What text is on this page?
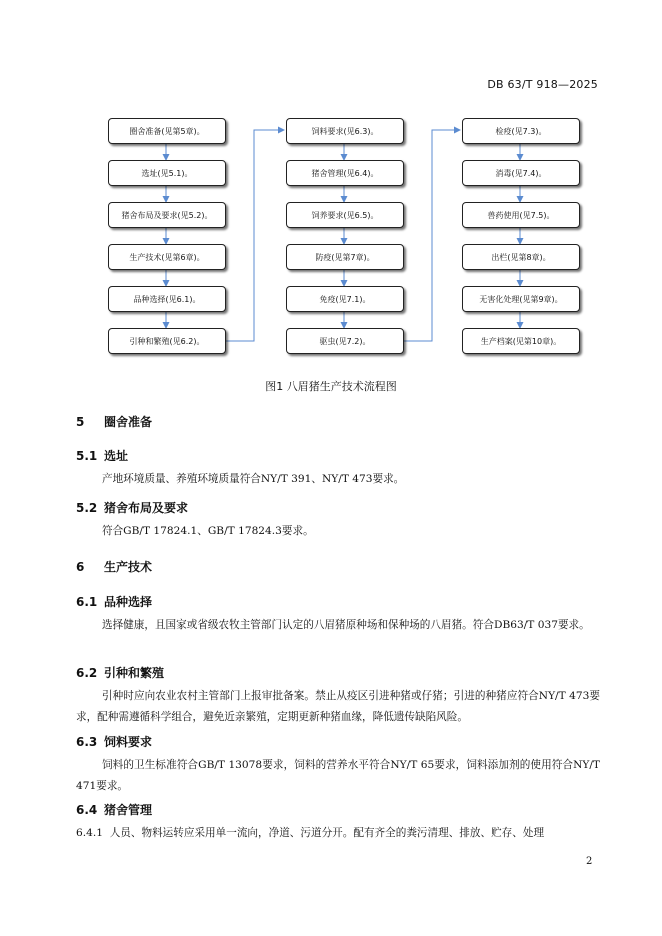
DB 63/T 918—2025
圈舍准备(见第5章)。
选址(见5.1)。
猪舍布局及要求(见5.2)。
生产技术(见第6章)。
品种选择(见6.1)。
引种和繁殖(见6.2)。
饲料要求(见6.3)。
猪舍管理(见6.4)。
饲养要求(见6.5)。
防疫(见第7章)。
免疫(见7.1)。
驱虫(见7.2)。
检疫(见7.3)。
消毒(见7.4)。
兽药使用(见7.5)。
出栏(见第8章)。
无害化处理(见第9章)。
生产档案(见第10章)。
图1 八眉猪生产技术流程图
5 圈舍准备
5.1 选址
产地环境质量、养殖环境质量符合NY/T 391、NY/T 473要求。
5.2 猪舍布局及要求
符合GB/T 17824.1、GB/T 17824.3要求。
6 生产技术
6.1 品种选择
选择健康，且国家或省级农牧主管部门认定的八眉猪原种场和保种场的八眉猪。符合DB63/T 037要求。
6.2 引种和繁殖
引种时应向农业农村主管部门上报审批备案。禁止从疫区引进种猪或仔猪；引进的种猪应符合NY/T 473要求，配种需遵循科学组合，避免近亲繁殖，定期更新种猪血缘，降低遗传缺陷风险。
6.3 饲料要求
饲料的卫生标准符合GB/T 13078要求，饲料的营养水平符合NY/T 65要求，饲料添加剂的使用符合NY/T 471要求。
6.4 猪舍管理
6.4.1 人员、物料运转应采用单一流向，净道、污道分开。配有齐全的粪污清理、排放、贮存、处理
2
